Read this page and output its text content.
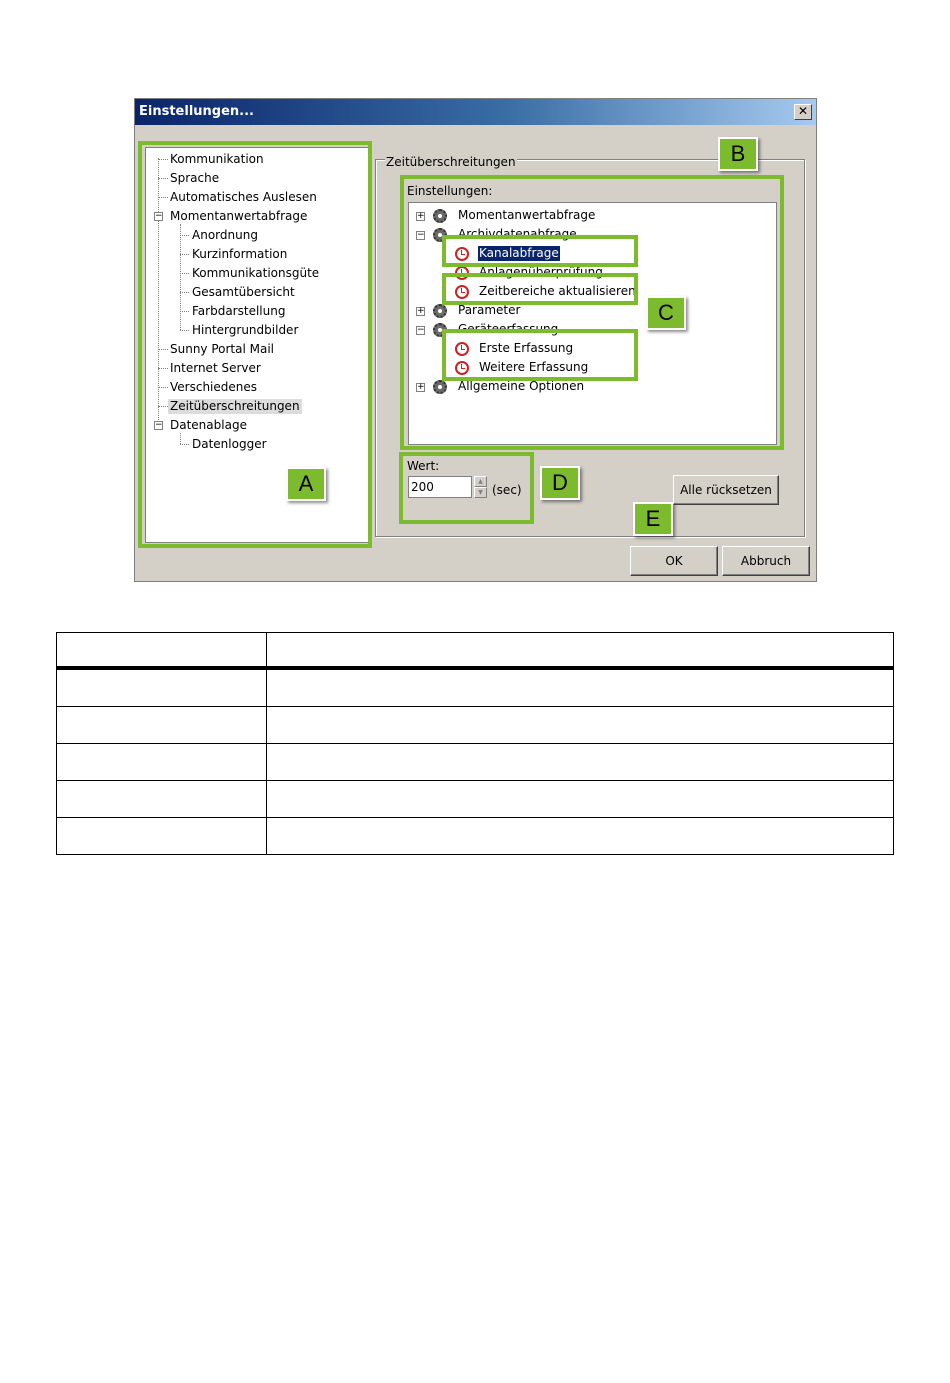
Einstellungen...	✕
−
−
Kommunikation
Sprache
Automatisches Auslesen
Momentanwertabfrage
Anordnung
Kurzinformation
Kommunikationsgüte
Gesamtübersicht
Farbdarstellung
Hintergrundbilder
Sunny Portal Mail
Internet Server
Verschiedenes
Zeitüberschreitungen
Datenablage
Datenlogger
Zeitüberschreitungen
Einstellungen:
+
−
+
−
+
Momentanwertabfrage
Archivdatenabfrage
Kanalabfrage
Anlagenüberprüfung
Zeitbereiche aktualisieren
Parameter
Geräteerfassung
Erste Erfassung
Weitere Erfassung
Allgemeine Optionen
Wert:
200
▲
▼ (sec)	Alle rücksetzen
OK	Abbruch
A
B
C
D
E
